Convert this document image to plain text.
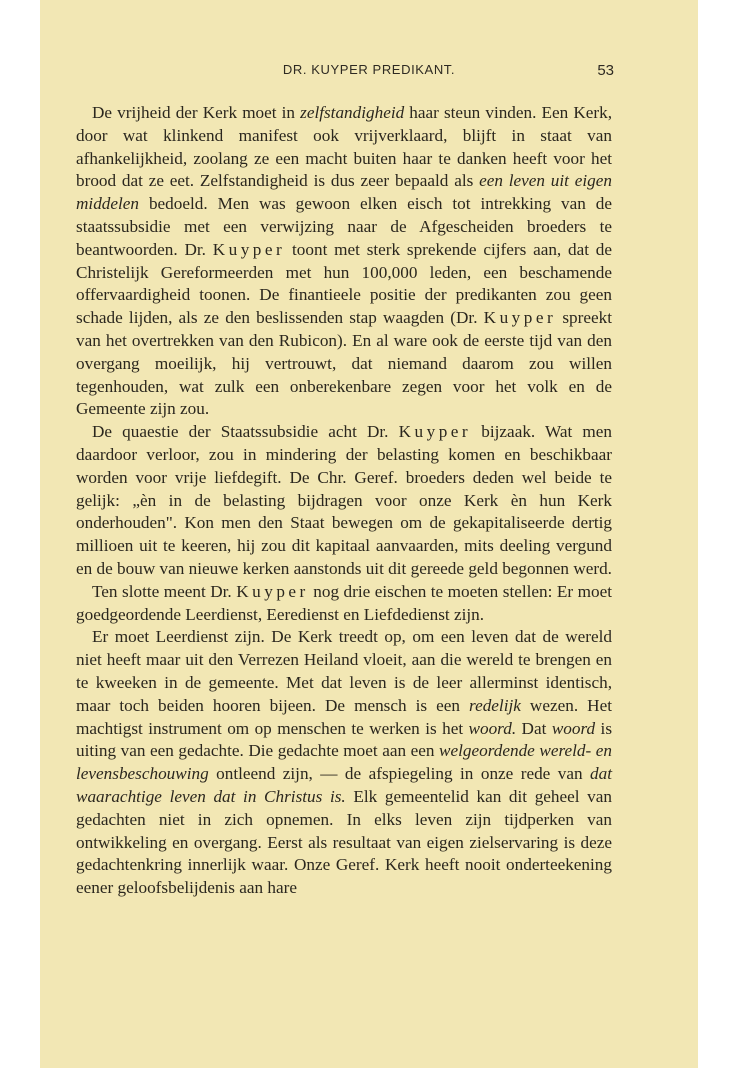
DR. KUYPER PREDIKANT.	53

De vrijheid der Kerk moet in zelfstandigheid haar steun vinden. Een Kerk, door wat klinkend manifest ook vrijverklaard, blijft in staat van afhankelijkheid, zoolang ze een macht buiten haar te danken heeft voor het brood dat ze eet. Zelfstandigheid is dus zeer bepaald als een leven uit eigen middelen bedoeld. Men was gewoon elken eisch tot intrekking van de staatssubsidie met een verwijzing naar de Afgescheiden broeders te beantwoorden. Dr. Kuyper toont met sterk sprekende cijfers aan, dat de Christelijk Gereformeerden met hun 100,000 leden, een beschamende offervaardigheid toonen. De finantieele positie der predikanten zou geen schade lijden, als ze den beslissenden stap waagden (Dr. Kuyper spreekt van het overtrekken van den Rubicon). En al ware ook de eerste tijd van den overgang moeilijk, hij vertrouwt, dat niemand daarom zou willen tegenhouden, wat zulk een onberekenbare zegen voor het volk en de Gemeente zijn zou.

De quaestie der Staatssubsidie acht Dr. Kuyper bijzaak. Wat men daardoor verloor, zou in mindering der belasting komen en beschikbaar worden voor vrije liefdegift. De Chr. Geref. broeders deden wel beide te gelijk: „èn in de belasting bijdragen voor onze Kerk èn hun Kerk onderhouden". Kon men den Staat bewegen om de gekapitaliseerde dertig millioen uit te keeren, hij zou dit kapitaal aanvaarden, mits deeling vergund en de bouw van nieuwe kerken aanstonds uit dit gereede geld begonnen werd.

Ten slotte meent Dr. Kuyper nog drie eischen te moeten stellen: Er moet goedgeordende Leerdienst, Eeredienst en Liefdedienst zijn.

Er moet Leerdienst zijn. De Kerk treedt op, om een leven dat de wereld niet heeft maar uit den Verrezen Heiland vloeit, aan die wereld te brengen en te kweeken in de gemeente. Met dat leven is de leer allerminst identisch, maar toch beiden hooren bijeen. De mensch is een redelijk wezen. Het machtigst instrument om op menschen te werken is het woord. Dat woord is uiting van een gedachte. Die gedachte moet aan een welgeordende wereld- en levensbeschouwing ontleend zijn, — de afspiegeling in onze rede van dat waarachtige leven dat in Christus is. Elk gemeentelid kan dit geheel van gedachten niet in zich opnemen. In elks leven zijn tijdperken van ontwikkeling en overgang. Eerst als resultaat van eigen zielservaring is deze gedachtenkring innerlijk waar. Onze Geref. Kerk heeft nooit onderteekening eener geloofsbelijdenis aan hare
